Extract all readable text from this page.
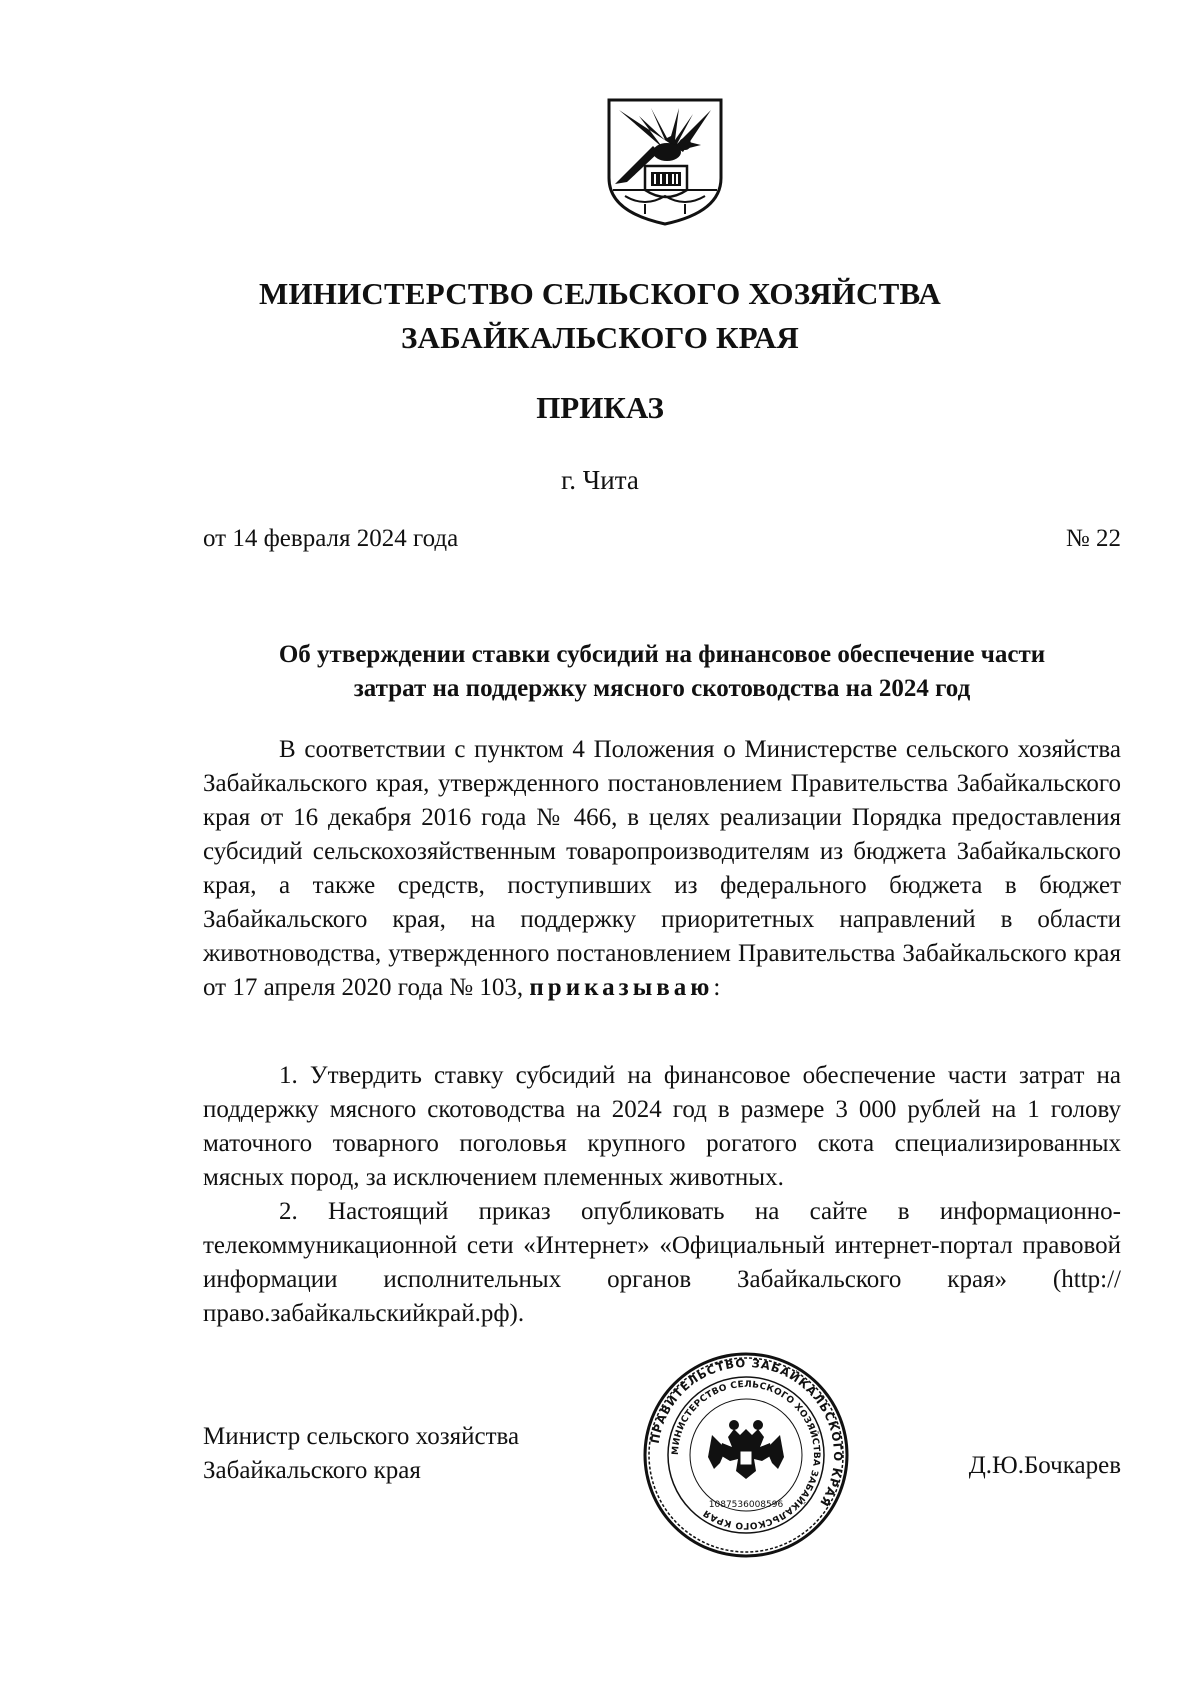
МИНИСТЕРСТВО СЕЛЬСКОГО ХОЗЯЙСТВА
ЗАБАЙКАЛЬСКОГО КРАЯ
ПРИКАЗ
г. Чита
от 14 февраля 2024 года	№ 22
Об утверждении ставки субсидий на финансовое обеспечение части
затрат на поддержку мясного скотоводства на 2024 год

В соответствии с пунктом 4 Положения о Министерстве сельского хозяйства Забайкальского края, утвержденного постановлением Правительства Забайкальского края от 16 декабря 2016 года № 466, в целях реализации Порядка предоставления субсидий сельскохозяйственным товаропроизводителям из бюджета Забайкальского края, а также средств, поступивших из федерального бюджета в бюджет Забайкальского края, на поддержку приоритетных направлений в области животноводства, утвержденного постановлением Правительства Забайкальского края от 17 апреля 2020 года № 103, приказываю:

1. Утвердить ставку субсидий на финансовое обеспечение части затрат на поддержку мясного скотоводства на 2024 год в размере 3 000 рублей на 1 голову маточного товарного поголовья крупного рогатого скота специализированных мясных пород, за исключением племенных животных.

2. Настоящий приказ опубликовать на сайте в информационно-телекоммуникационной сети «Интернет» «Официальный интернет-портал правовой информации исполнительных органов Забайкальского края» (http://право.забайкальскийкрай.рф).

Министр сельского хозяйства
Забайкальского края	Д.Ю.Бочкарев
ПРАВИТЕЛЬСТВО ЗАБАЙКАЛЬСКОГО КРАЯ
МИНИСТЕРСТВО СЕЛЬСКОГО ХОЗЯЙСТВА ЗАБАЙКАЛЬСКОГО КРАЯ
1087536008596
